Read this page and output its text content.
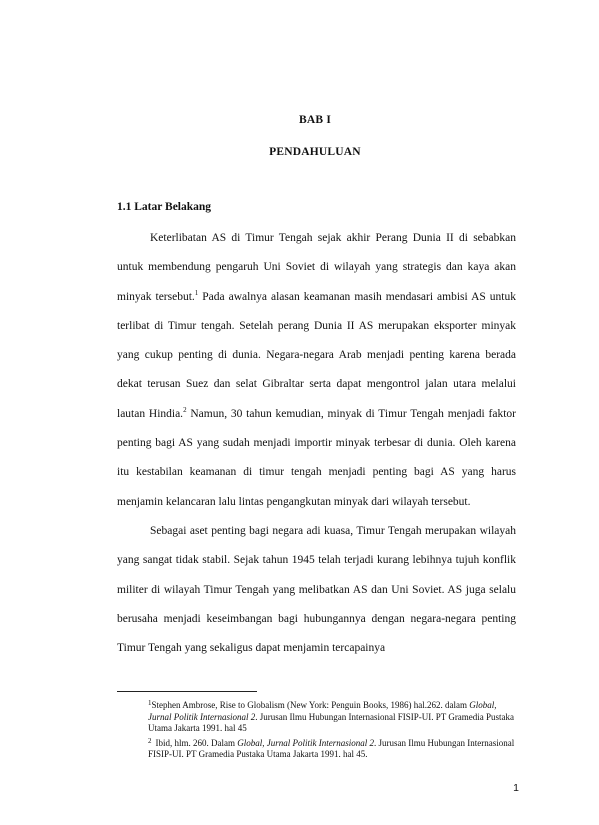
BAB I
PENDAHULUAN
1.1 Latar Belakang

Keterlibatan AS di Timur Tengah sejak akhir Perang Dunia II di sebabkan untuk membendung pengaruh Uni Soviet di wilayah yang strategis dan kaya akan minyak tersebut.$^1$ Pada awalnya alasan keamanan masih mendasari ambisi AS untuk terlibat di Timur tengah. Setelah perang Dunia II AS merupakan eksporter minyak yang cukup penting di dunia. Negara-negara Arab menjadi penting karena berada dekat terusan Suez dan selat Gibraltar serta dapat mengontrol jalan utara melalui lautan Hindia.$^2$ Namun, 30 tahun kemudian, minyak di Timur Tengah menjadi faktor penting bagi AS yang sudah menjadi importir minyak terbesar di dunia. Oleh karena itu kestabilan keamanan di timur tengah menjadi penting bagi AS yang harus menjamin kelancaran lalu lintas pengangkutan minyak dari wilayah tersebut.

Sebagai aset penting bagi negara adi kuasa, Timur Tengah merupakan wilayah yang sangat tidak stabil. Sejak tahun 1945 telah terjadi kurang lebihnya tujuh konflik militer di wilayah Timur Tengah yang melibatkan AS dan Uni Soviet. AS juga selalu berusaha menjadi keseimbangan bagi hubungannya dengan negara-negara penting Timur Tengah yang sekaligus dapat menjamin tercapainya

$^1$Stephen Ambrose, Rise to Globalism (New York: Penguin Books, 1986) hal.262. dalam Global, Jurnal Politik Internasional 2. Jurusan Ilmu Hubungan Internasional FISIP-UI. PT Gramedia Pustaka Utama Jakarta 1991. hal 45
$^2$ Ibid, hlm. 260. Dalam Global, Jurnal Politik Internasional 2. Jurusan Ilmu Hubungan Internasional FISIP-UI. PT Gramedia Pustaka Utama Jakarta 1991. hal 45.
1
